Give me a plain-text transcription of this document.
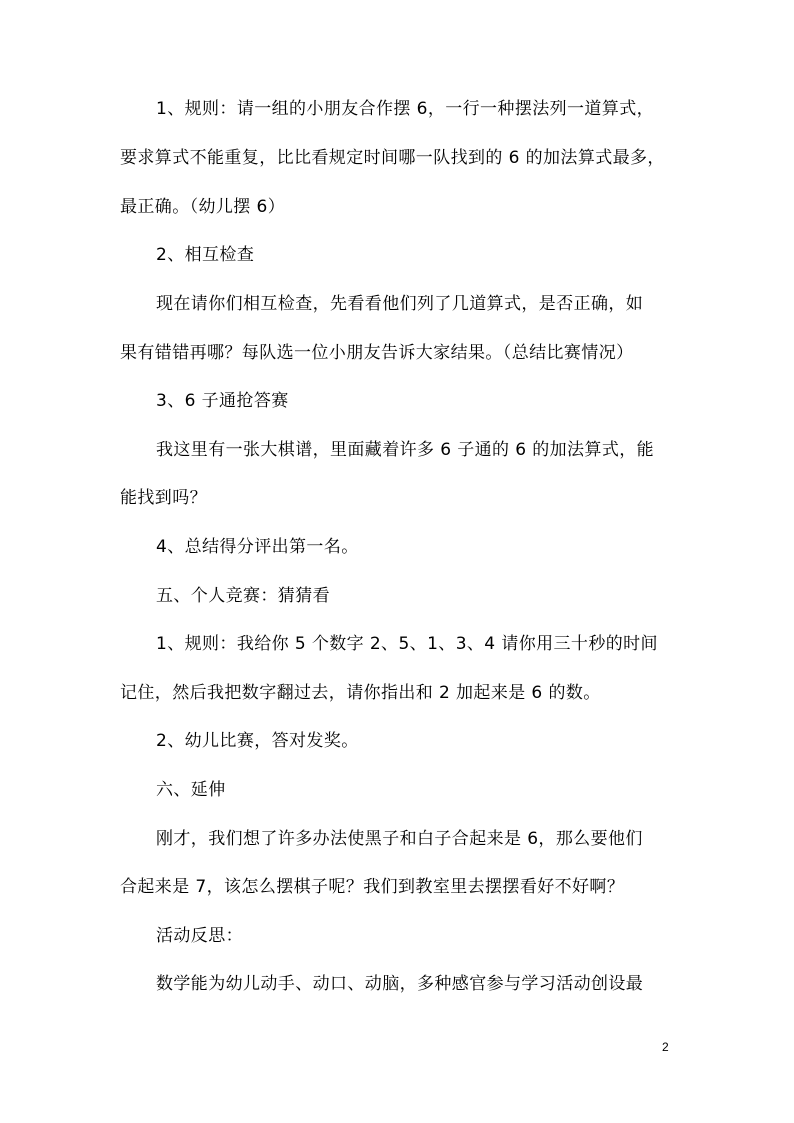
1、规则：请一组的小朋友合作摆 6，一行一种摆法列一道算式，
要求算式不能重复，比比看规定时间哪一队找到的 6 的加法算式最多，
最正确。（幼儿摆 6）
2、相互检查
现在请你们相互检查，先看看他们列了几道算式，是否正确，如
果有错错再哪？每队选一位小朋友告诉大家结果。（总结比赛情况）
3、6 子通抢答赛
我这里有一张大棋谱，里面藏着许多 6 子通的 6 的加法算式，能
能找到吗？
4、总结得分评出第一名。
五、个人竞赛：猜猜看
1、规则：我给你 5 个数字 2、5、1、3、4 请你用三十秒的时间
记住，然后我把数字翻过去，请你指出和 2 加起来是 6 的数。
2、幼儿比赛，答对发奖。
六、延伸
刚才，我们想了许多办法使黑子和白子合起来是 6，那么要他们
合起来是 7，该怎么摆棋子呢？我们到教室里去摆摆看好不好啊？
活动反思：
数学能为幼儿动手、动口、动脑，多种感官参与学习活动创设最
2
